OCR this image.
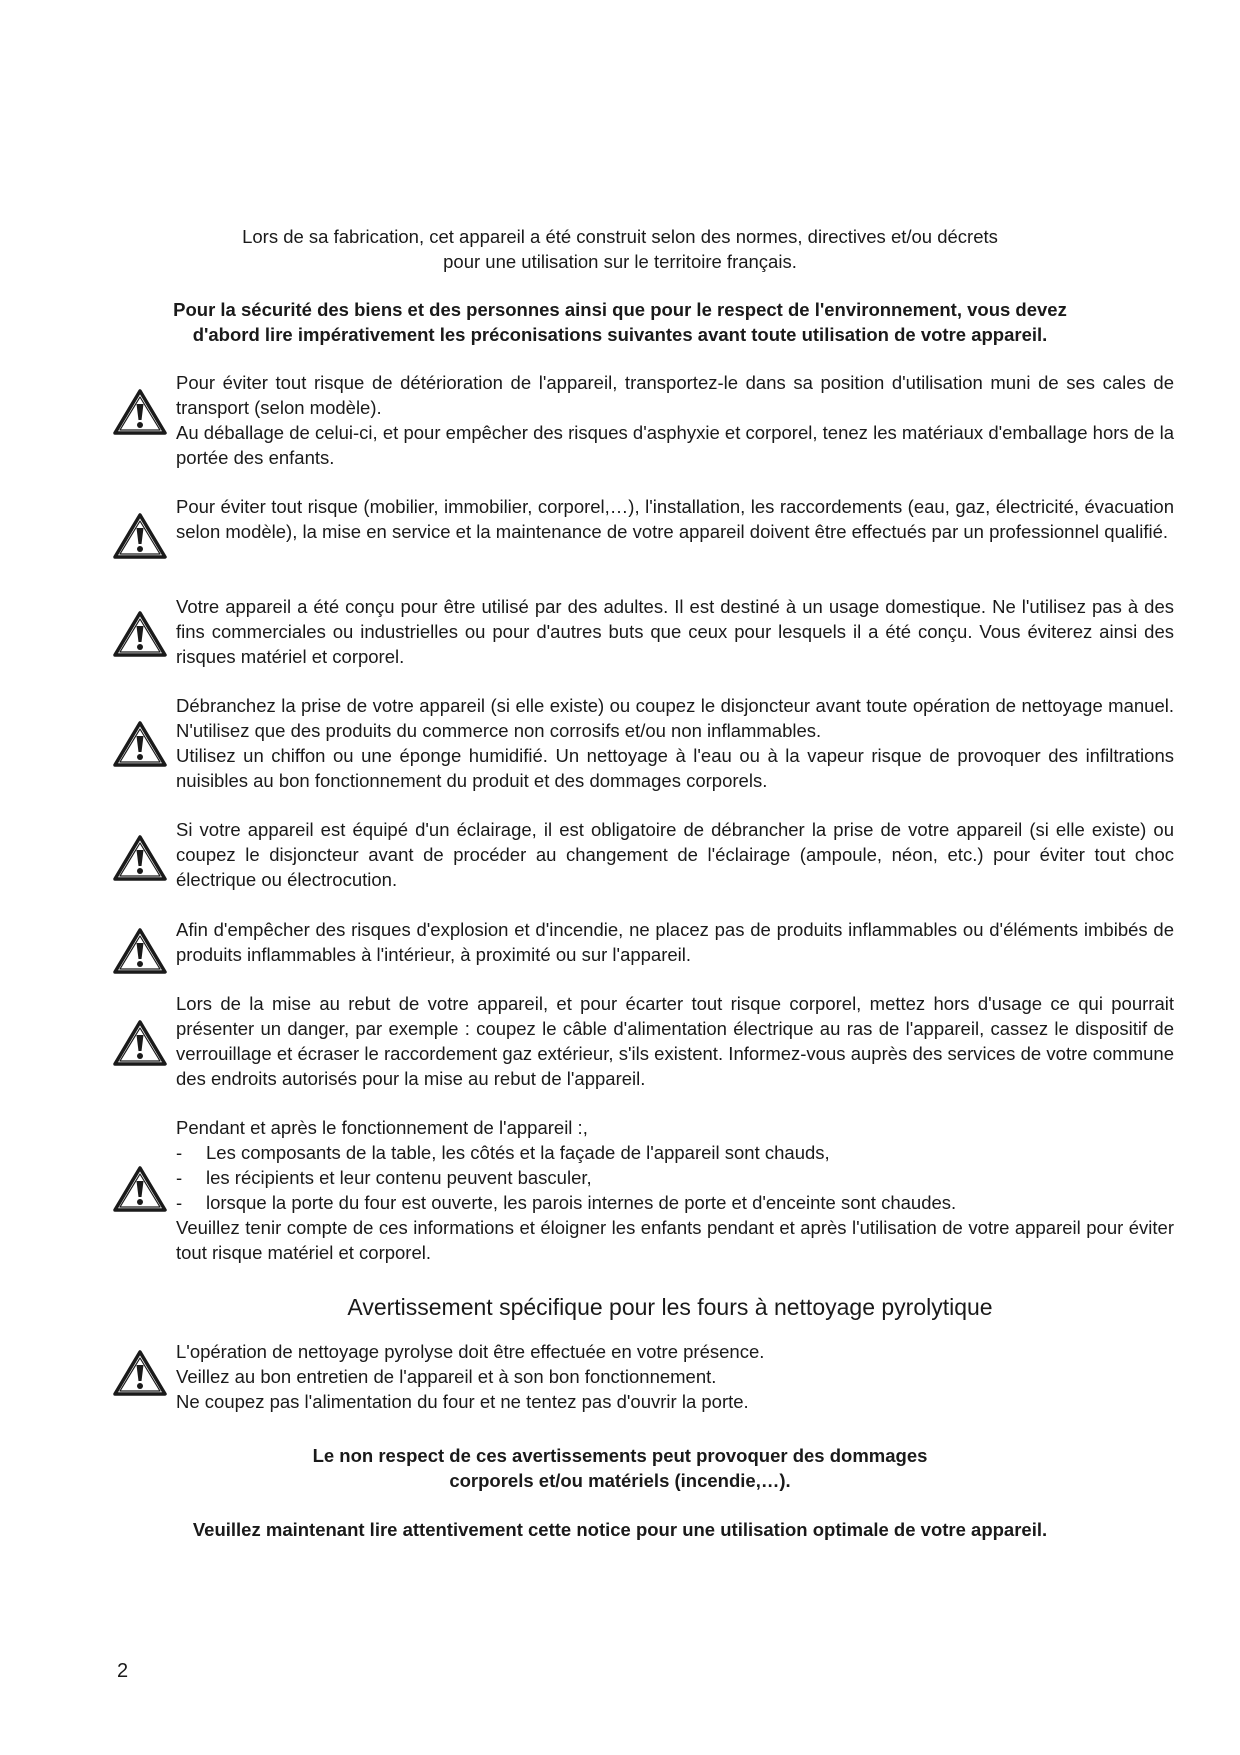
Lors de sa fabrication, cet appareil a été construit selon des normes, directives et/ou décrets

pour une utilisation sur le territoire français.

Pour la sécurité des biens et des personnes ainsi que pour le respect de l'environnement, vous devez

d'abord lire impérativement les préconisations suivantes avant toute utilisation de votre appareil.

Pour éviter tout risque de détérioration de l'appareil, transportez-le dans sa position d'utilisation muni de ses cales de transport (selon modèle).

Au déballage de celui-ci, et pour empêcher des risques d'asphyxie et corporel, tenez les matériaux d'emballage hors de la portée des enfants.

Pour éviter tout risque (mobilier, immobilier, corporel,…), l'installation, les raccordements (eau, gaz, électricité, évacuation selon modèle), la mise en service et la maintenance de votre appareil doivent être effectués par un professionnel qualifié.

Votre appareil a été conçu pour être utilisé par des adultes. Il est destiné à un usage domestique. Ne l'utilisez pas à des fins commerciales ou industrielles ou pour d'autres buts que ceux pour lesquels il a été conçu. Vous éviterez ainsi des risques matériel et corporel.

Débranchez la prise de votre appareil (si elle existe) ou coupez le disjoncteur avant toute opération de nettoyage manuel. N'utilisez que des produits du commerce non corrosifs et/ou non inflammables.

Utilisez un chiffon ou une éponge humidifié. Un nettoyage à l'eau ou à la vapeur risque de provoquer des infiltrations nuisibles au bon fonctionnement du produit et des dommages corporels.

Si votre appareil est équipé d'un éclairage, il est obligatoire de débrancher la prise de votre appareil (si elle existe) ou coupez le disjoncteur avant de procéder au changement de l'éclairage (ampoule, néon, etc.) pour éviter tout choc électrique ou électrocution.

Afin d'empêcher des risques d'explosion et d'incendie, ne placez pas de produits inflammables ou d'éléments imbibés de produits inflammables à l'intérieur, à proximité ou sur l'appareil.

Lors de la mise au rebut de votre appareil, et pour écarter tout risque corporel, mettez hors d'usage ce qui pourrait présenter un danger, par exemple : coupez le câble d'alimentation électrique au ras de l'appareil, cassez le dispositif de verrouillage et écraser le raccordement gaz extérieur, s'ils existent. Informez-vous auprès des services de votre commune des endroits autorisés pour la mise au rebut de l'appareil.

Pendant et après le fonctionnement de l'appareil :,

-	Les composants de la table, les côtés et la façade de l'appareil sont chauds,
-	les récipients et leur contenu peuvent basculer,
-	lorsque la porte du four est ouverte, les parois internes de porte et d'enceinte sont chaudes.

Veuillez tenir compte de ces informations et éloigner les enfants pendant et après l'utilisation de votre appareil pour éviter tout risque matériel et corporel.

Avertissement spécifique pour les fours à nettoyage pyrolytique

L'opération de nettoyage pyrolyse doit être effectuée en votre présence.

Veillez au bon entretien de l'appareil et à son bon fonctionnement.

Ne coupez pas l'alimentation du four et ne tentez pas d'ouvrir la porte.

Le non respect de ces avertissements peut provoquer des dommages

corporels et/ou matériels (incendie,…).

Veuillez maintenant lire attentivement cette notice pour une utilisation optimale de votre appareil.

2
